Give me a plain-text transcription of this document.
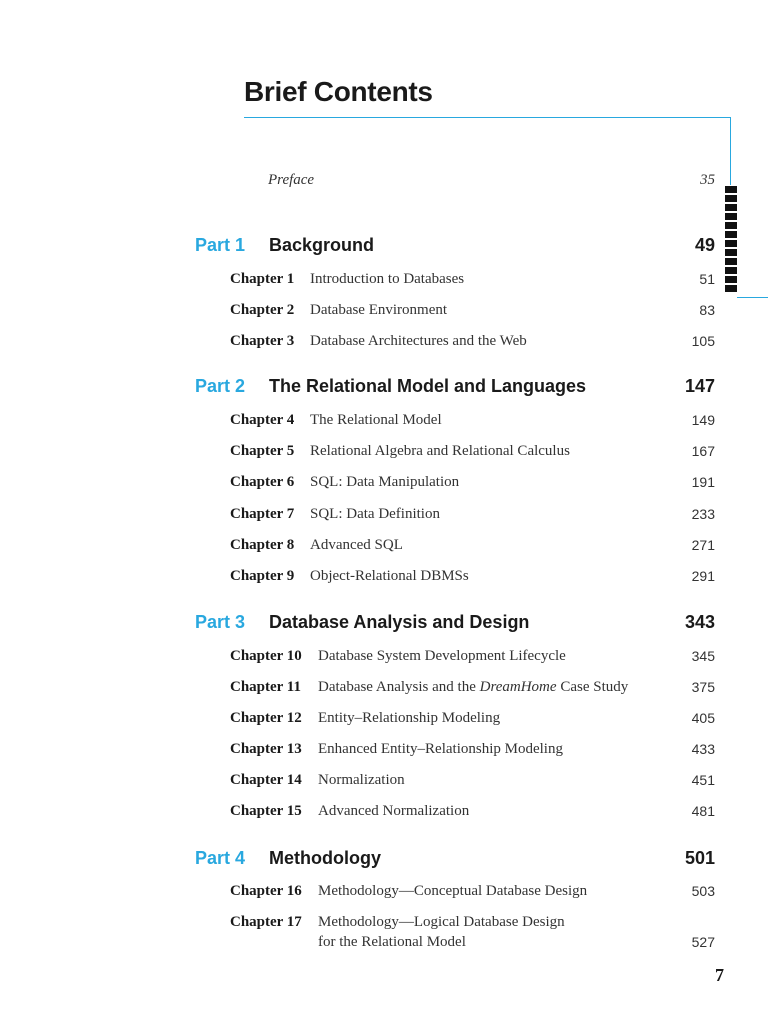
Brief Contents
Preface	35
Part 1 Background	49
Chapter 1 Introduction to Databases	51
Chapter 2 Database Environment	83
Chapter 3 Database Architectures and the Web	105
Part 2 The Relational Model and Languages	147
Chapter 4 The Relational Model	149
Chapter 5 Relational Algebra and Relational Calculus	167
Chapter 6 SQL: Data Manipulation	191
Chapter 7 SQL: Data Definition	233
Chapter 8 Advanced SQL	271
Chapter 9 Object-Relational DBMSs	291
Part 3 Database Analysis and Design	343
Chapter 10 Database System Development Lifecycle	345
Chapter 11 Database Analysis and the DreamHome Case Study	375
Chapter 12 Entity–Relationship Modeling	405
Chapter 13 Enhanced Entity–Relationship Modeling	433
Chapter 14 Normalization	451
Chapter 15 Advanced Normalization	481
Part 4 Methodology	501
Chapter 16 Methodology—Conceptual Database Design	503
Chapter 17 Methodology—Logical Database Design
for the Relational Model	527
7
